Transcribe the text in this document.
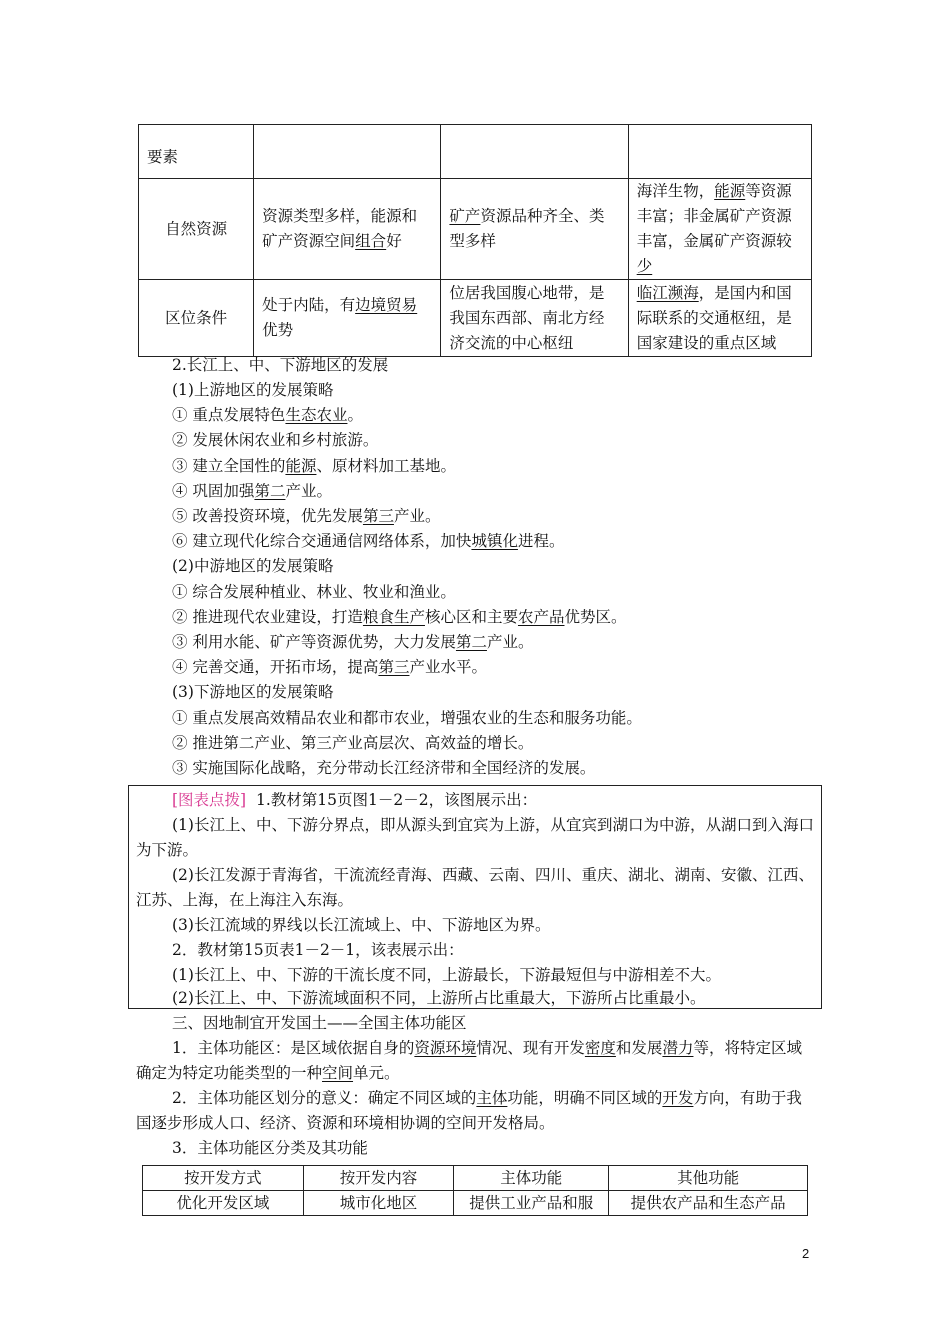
要素			
自然资源	资源类型多样，能源和矿产资源空间组合好	矿产资源品种齐全、类型多样	海洋生物，能源等资源丰富；非金属矿产资源丰富，金属矿产资源较少
区位条件	处于内陆，有边境贸易优势	位居我国腹心地带，是我国东西部、南北方经济交流的中心枢纽	临江濒海，是国内和国际联系的交通枢纽，是国家建设的重点区域
2.长江上、中、下游地区的发展
(1)上游地区的发展策略
① 重点发展特色生态农业。
② 发展休闲农业和乡村旅游。
③ 建立全国性的能源、原材料加工基地。
④ 巩固加强第二产业。
⑤ 改善投资环境，优先发展第三产业。
⑥ 建立现代化综合交通通信网络体系，加快城镇化进程。
(2)中游地区的发展策略
① 综合发展种植业、林业、牧业和渔业。
② 推进现代农业建设，打造粮食生产核心区和主要农产品优势区。
③ 利用水能、矿产等资源优势，大力发展第二产业。
④ 完善交通，开拓市场，提高第三产业水平。
(3)下游地区的发展策略
① 重点发展高效精品农业和都市农业，增强农业的生态和服务功能。
② 推进第二产业、第三产业高层次、高效益的增长。
③ 实施国际化战略，充分带动长江经济带和全国经济的发展。
[图表点拨] 1.教材第15页图1－2－2，该图展示出：
(1)长江上、中、下游分界点，即从源头到宜宾为上游，从宜宾到湖口为中游，从湖口到入海口为下游。
(2)长江发源于青海省，干流流经青海、西藏、云南、四川、重庆、湖北、湖南、安徽、江西、江苏、上海，在上海注入东海。
(3)长江流域的界线以长江流域上、中、下游地区为界。
2．教材第15页表1－2－1，该表展示出：
(1)长江上、中、下游的干流长度不同，上游最长，下游最短但与中游相差不大。
(2)长江上、中、下游流域面积不同，上游所占比重最大，下游所占比重最小。
三、因地制宜开发国土——全国主体功能区
1．主体功能区：是区域依据自身的资源环境情况、现有开发密度和发展潜力等，将特定区域确定为特定功能类型的一种空间单元。
2．主体功能区划分的意义：确定不同区域的主体功能，明确不同区域的开发方向，有助于我国逐步形成人口、经济、资源和环境相协调的空间开发格局。
3．主体功能区分类及其功能
按开发方式	按开发内容	主体功能	其他功能
优化开发区域	城市化地区	提供工业产品和服	提供农产品和生态产品
2
